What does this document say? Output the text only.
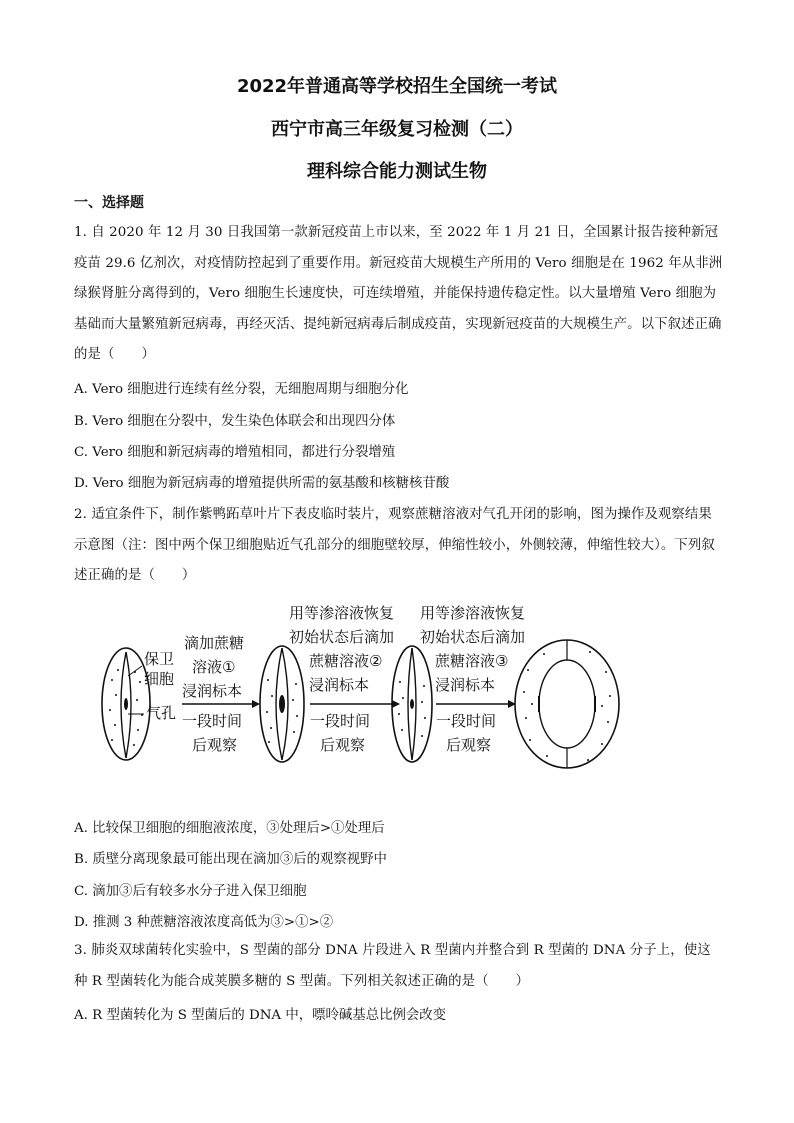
2022年普通高等学校招生全国统一考试
西宁市高三年级复习检测（二）
理科综合能力测试生物
一、选择题

1. 自 2020 年 12 月 30 日我国第一款新冠疫苗上市以来，至 2022 年 1 月 21 日，全国累计报告接种新冠疫苗 29.6 亿剂次，对疫情防控起到了重要作用。新冠疫苗大规模生产所用的 Vero 细胞是在 1962 年从非洲绿猴肾脏分离得到的，Vero 细胞生长速度快，可连续增殖，并能保持遗传稳定性。以大量增殖 Vero 细胞为基础而大量繁殖新冠病毒，再经灭活、提纯新冠病毒后制成疫苗，实现新冠疫苗的大规模生产。以下叙述正确的是（　　）

A. Vero 细胞进行连续有丝分裂，无细胞周期与细胞分化
B. Vero 细胞在分裂中，发生染色体联会和出现四分体
C. Vero 细胞和新冠病毒的增殖相同，都进行分裂增殖
D. Vero 细胞为新冠病毒的增殖提供所需的氨基酸和核糖核苷酸

2. 适宜条件下，制作紫鸭跖草叶片下表皮临时装片，观察蔗糖溶液对气孔开闭的影响，图为操作及观察结果示意图（注：图中两个保卫细胞贴近气孔部分的细胞壁较厚，伸缩性较小，外侧较薄，伸缩性较大）。下列叙述正确的是（　　）

保卫
细胞
气孔
滴加蔗糖
溶液①
浸润标本
一段时间
后观察
用等渗溶液恢复
初始状态后滴加
蔗糖溶液②
浸润标本
一段时间
后观察
用等渗溶液恢复
初始状态后滴加
蔗糖溶液③
浸润标本
一段时间
后观察
A. 比较保卫细胞的细胞液浓度，③处理后>①处理后
B. 质壁分离现象最可能出现在滴加③后的观察视野中
C. 滴加③后有较多水分子进入保卫细胞
D. 推测 3 种蔗糖溶液浓度高低为③>①>②

3. 肺炎双球菌转化实验中，S 型菌的部分 DNA 片段进入 R 型菌内并整合到 R 型菌的 DNA 分子上，使这种 R 型菌转化为能合成荚膜多糖的 S 型菌。下列相关叙述正确的是（　　）

A. R 型菌转化为 S 型菌后的 DNA 中，嘌呤碱基总比例会改变
